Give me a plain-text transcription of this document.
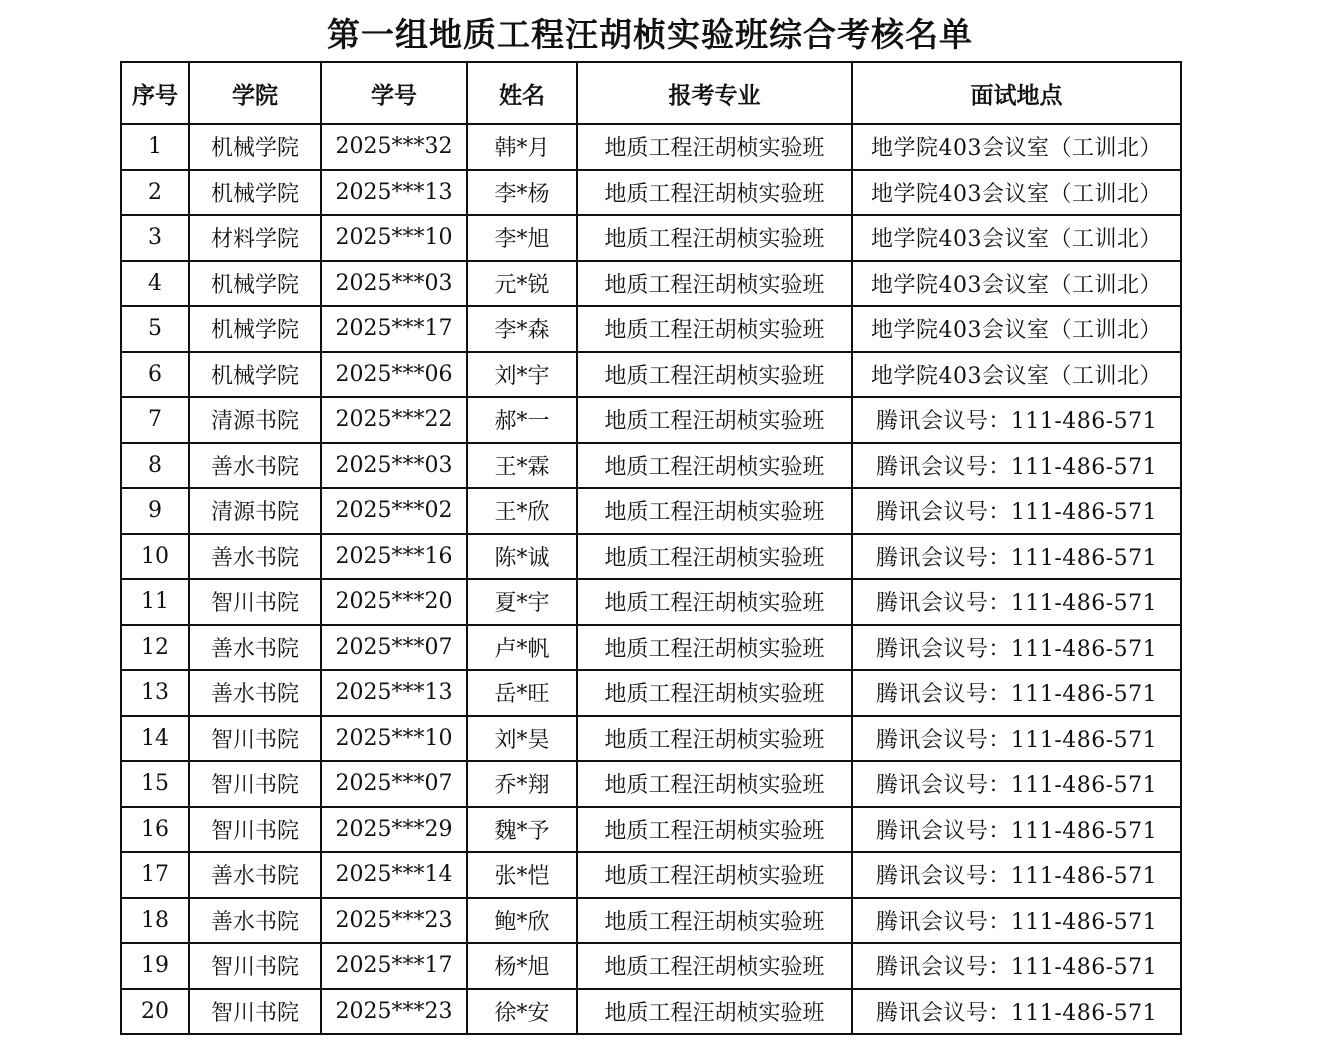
第一组地质工程汪胡桢实验班综合考核名单
序号	学院	学号	姓名	报考专业	面试地点
1	机械学院	2025***32	韩*月	地质工程汪胡桢实验班	地学院403会议室（工训北）
2	机械学院	2025***13	李*杨	地质工程汪胡桢实验班	地学院403会议室（工训北）
3	材料学院	2025***10	李*旭	地质工程汪胡桢实验班	地学院403会议室（工训北）
4	机械学院	2025***03	元*锐	地质工程汪胡桢实验班	地学院403会议室（工训北）
5	机械学院	2025***17	李*森	地质工程汪胡桢实验班	地学院403会议室（工训北）
6	机械学院	2025***06	刘*宇	地质工程汪胡桢实验班	地学院403会议室（工训北）
7	清源书院	2025***22	郝*一	地质工程汪胡桢实验班	腾讯会议号：111-486-571
8	善水书院	2025***03	王*霖	地质工程汪胡桢实验班	腾讯会议号：111-486-571
9	清源书院	2025***02	王*欣	地质工程汪胡桢实验班	腾讯会议号：111-486-571
10	善水书院	2025***16	陈*诚	地质工程汪胡桢实验班	腾讯会议号：111-486-571
11	智川书院	2025***20	夏*宇	地质工程汪胡桢实验班	腾讯会议号：111-486-571
12	善水书院	2025***07	卢*帆	地质工程汪胡桢实验班	腾讯会议号：111-486-571
13	善水书院	2025***13	岳*旺	地质工程汪胡桢实验班	腾讯会议号：111-486-571
14	智川书院	2025***10	刘*昊	地质工程汪胡桢实验班	腾讯会议号：111-486-571
15	智川书院	2025***07	乔*翔	地质工程汪胡桢实验班	腾讯会议号：111-486-571
16	智川书院	2025***29	魏*予	地质工程汪胡桢实验班	腾讯会议号：111-486-571
17	善水书院	2025***14	张*恺	地质工程汪胡桢实验班	腾讯会议号：111-486-571
18	善水书院	2025***23	鲍*欣	地质工程汪胡桢实验班	腾讯会议号：111-486-571
19	智川书院	2025***17	杨*旭	地质工程汪胡桢实验班	腾讯会议号：111-486-571
20	智川书院	2025***23	徐*安	地质工程汪胡桢实验班	腾讯会议号：111-486-571
